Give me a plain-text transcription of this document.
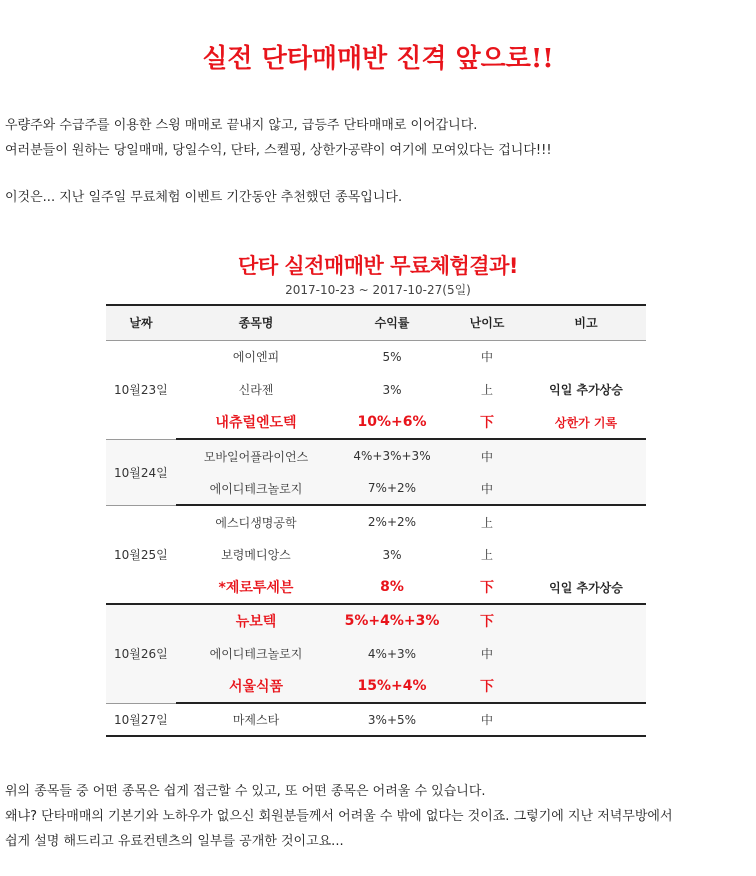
실전 단타매매반 진격 앞으로!!
우량주와 수급주를 이용한 스윙 매매로 끝내지 않고, 급등주 단타매매로 이어갑니다.
여러분들이 원하는 당일매매, 당일수익, 단타, 스켈핑, 상한가공략이 여기에 모여있다는 겁니다!!!
이것은... 지난 일주일 무료체험 이벤트 기간동안 추천했던 종목입니다.
단타 실전매매반 무료체험결과!
2017-10-23 ~ 2017-10-27(5일)
날짜	종목명	수익률	난이도	비고
10월23일	에이엔피	5%	中	
	신라젠	3%	上	익일 추가상승
	내츄럴엔도텍	10%+6%	下	상한가 기록
10월24일	모바일어플라이언스	4%+3%+3%	中	
	에이디테크놀로지	7%+2%	中	
10월25일	에스디생명공학	2%+2%	上	
	보령메디앙스	3%	上	
	*제로투세븐	8%	下	익일 추가상승
10월26일	뉴보텍	5%+4%+3%	下	
	에이디테크놀로지	4%+3%	中	
	서울식품	15%+4%	下	
10월27일	마제스타	3%+5%	中	
위의 종목들 중 어떤 종목은 쉽게 접근할 수 있고, 또 어떤 종목은 어려울 수 있습니다.
왜냐? 단타매매의 기본기와 노하우가 없으신 회원분들께서 어려울 수 밖에 없다는 것이죠. 그렇기에 지난 저녁무방에서
쉽게 설명 해드리고 유료컨텐츠의 일부를 공개한 것이고요...
